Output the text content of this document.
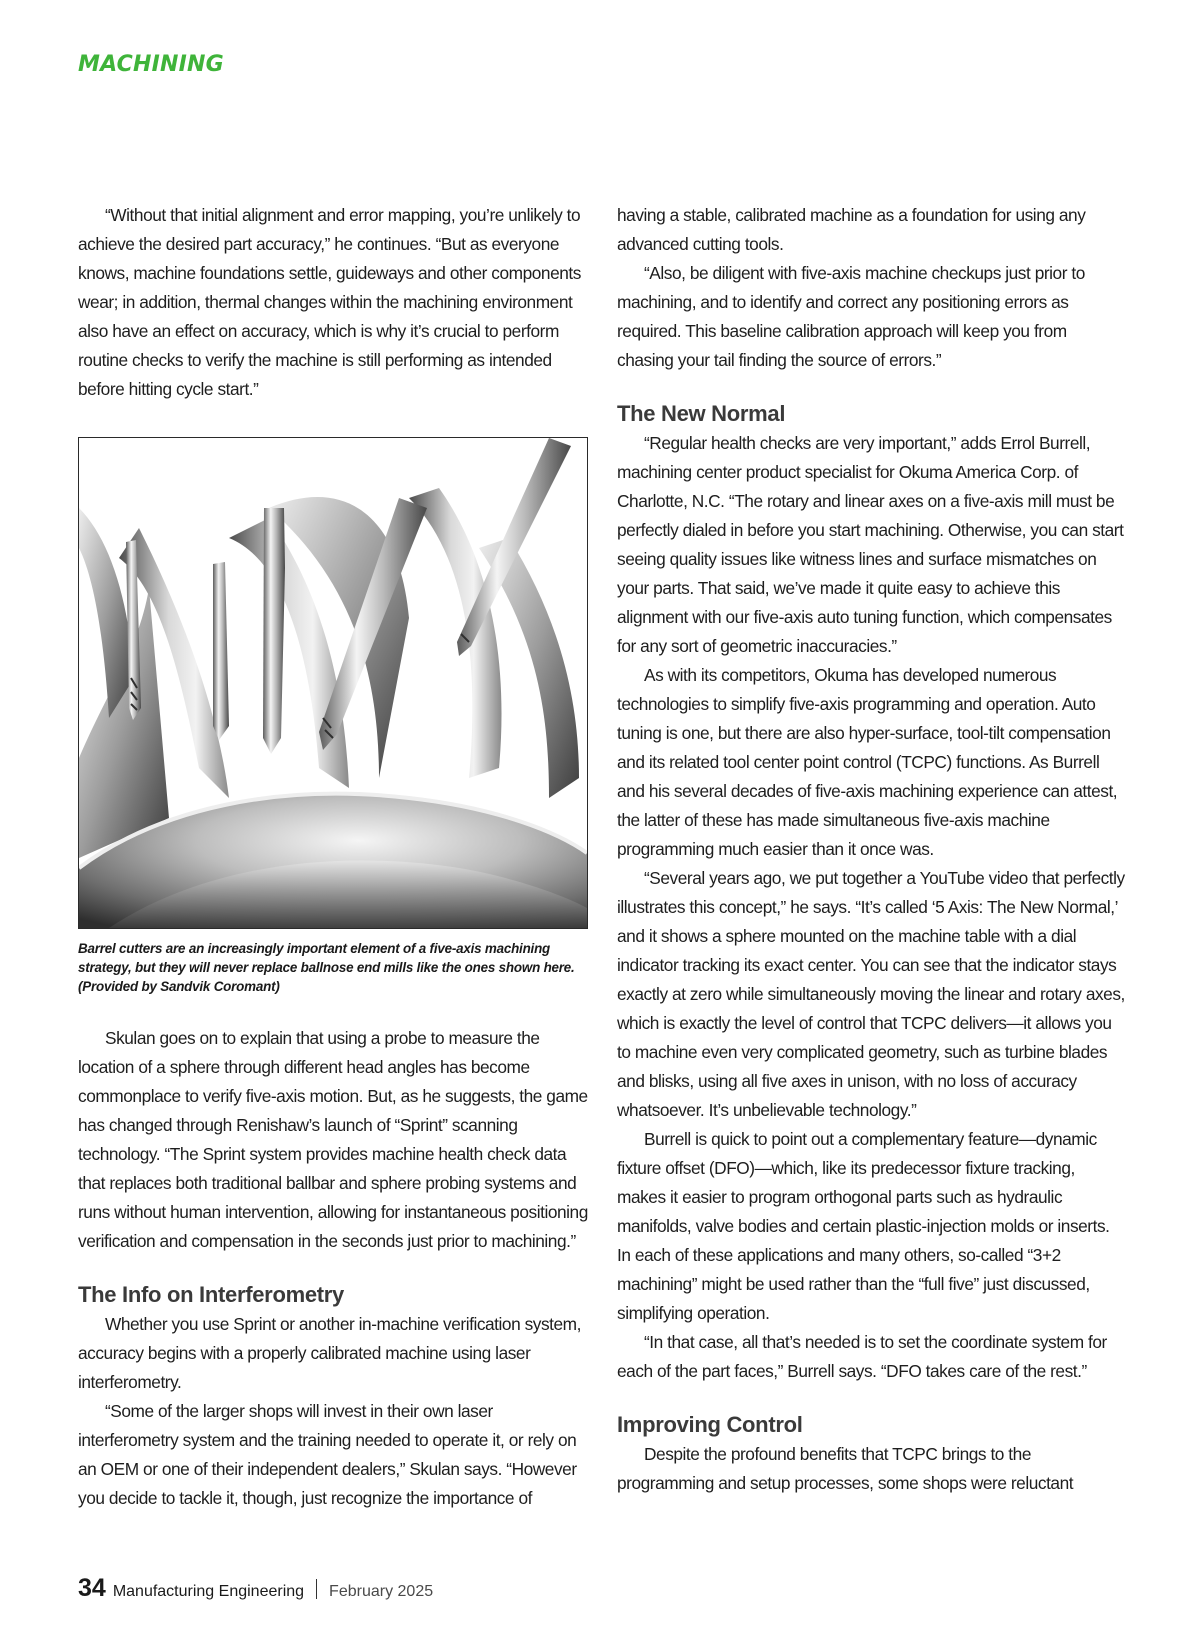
MACHINING

“Without that initial alignment and error mapping, you’re unlikely to achieve the desired part accuracy,” he continues. “But as everyone knows, machine foundations settle, guideways and other components wear; in addition, thermal changes within the machining environment also have an effect on accuracy, which is why it’s crucial to perform routine checks to verify the machine is still performing as intended before hitting cycle start.”

Barrel cutters are an increasingly important element of a five-axis machining strategy, but they will never replace ballnose end mills like the ones shown here. (Provided by Sandvik Coromant)

Skulan goes on to explain that using a probe to measure the location of a sphere through different head angles has become commonplace to verify five-axis motion. But, as he suggests, the game has changed through Renishaw’s launch of “Sprint” scanning technology. “The Sprint system provides machine health check data that replaces both traditional ballbar and sphere probing systems and runs without human intervention, allowing for instantaneous positioning verification and compensation in the seconds just prior to machining.”

The Info on Interferometry

Whether you use Sprint or another in-machine verification system, accuracy begins with a properly calibrated machine using laser interferometry.

“Some of the larger shops will invest in their own laser interferometry system and the training needed to operate it, or rely on an OEM or one of their independent dealers,” Skulan says. “However you decide to tackle it, though, just recognize the importance of

having a stable, calibrated machine as a foundation for using any advanced cutting tools.

“Also, be diligent with five-axis machine checkups just prior to machining, and to identify and correct any positioning errors as required. This baseline calibration approach will keep you from chasing your tail finding the source of errors.”

The New Normal

“Regular health checks are very important,” adds Errol Burrell, machining center product specialist for Okuma America Corp. of Charlotte, N.C. “The rotary and linear axes on a five-axis mill must be perfectly dialed in before you start machining. Otherwise, you can start seeing quality issues like witness lines and surface mismatches on your parts. That said, we’ve made it quite easy to achieve this alignment with our five-axis auto tuning function, which compensates for any sort of geometric inaccuracies.”

As with its competitors, Okuma has developed numerous technologies to simplify five-axis programming and operation. Auto tuning is one, but there are also hyper-surface, tool-tilt compensation and its related tool center point control (TCPC) functions. As Burrell and his several decades of five-axis machining experience can attest, the latter of these has made simultaneous five-axis machine programming much easier than it once was.

“Several years ago, we put together a YouTube video that perfectly illustrates this concept,” he says. “It’s called ‘5 Axis: The New Normal,’ and it shows a sphere mounted on the machine table with a dial indicator tracking its exact center. You can see that the indicator stays exactly at zero while simultaneously moving the linear and rotary axes, which is exactly the level of control that TCPC delivers—it allows you to machine even very complicated geometry, such as turbine blades and blisks, using all five axes in unison, with no loss of accuracy whatsoever. It’s unbelievable technology.”

Burrell is quick to point out a complementary feature—dynamic fixture offset (DFO)—which, like its predecessor fixture tracking, makes it easier to program orthogonal parts such as hydraulic manifolds, valve bodies and certain plastic-injection molds or inserts. In each of these applications and many others, so-called “3+2 machining” might be used rather than the “full five” just discussed, simplifying operation.

“In that case, all that’s needed is to set the coordinate system for each of the part faces,” Burrell says. “DFO takes care of the rest.”

Improving Control

Despite the profound benefits that TCPC brings to the programming and setup processes, some shops were reluctant

34 Manufacturing Engineering February 2025
